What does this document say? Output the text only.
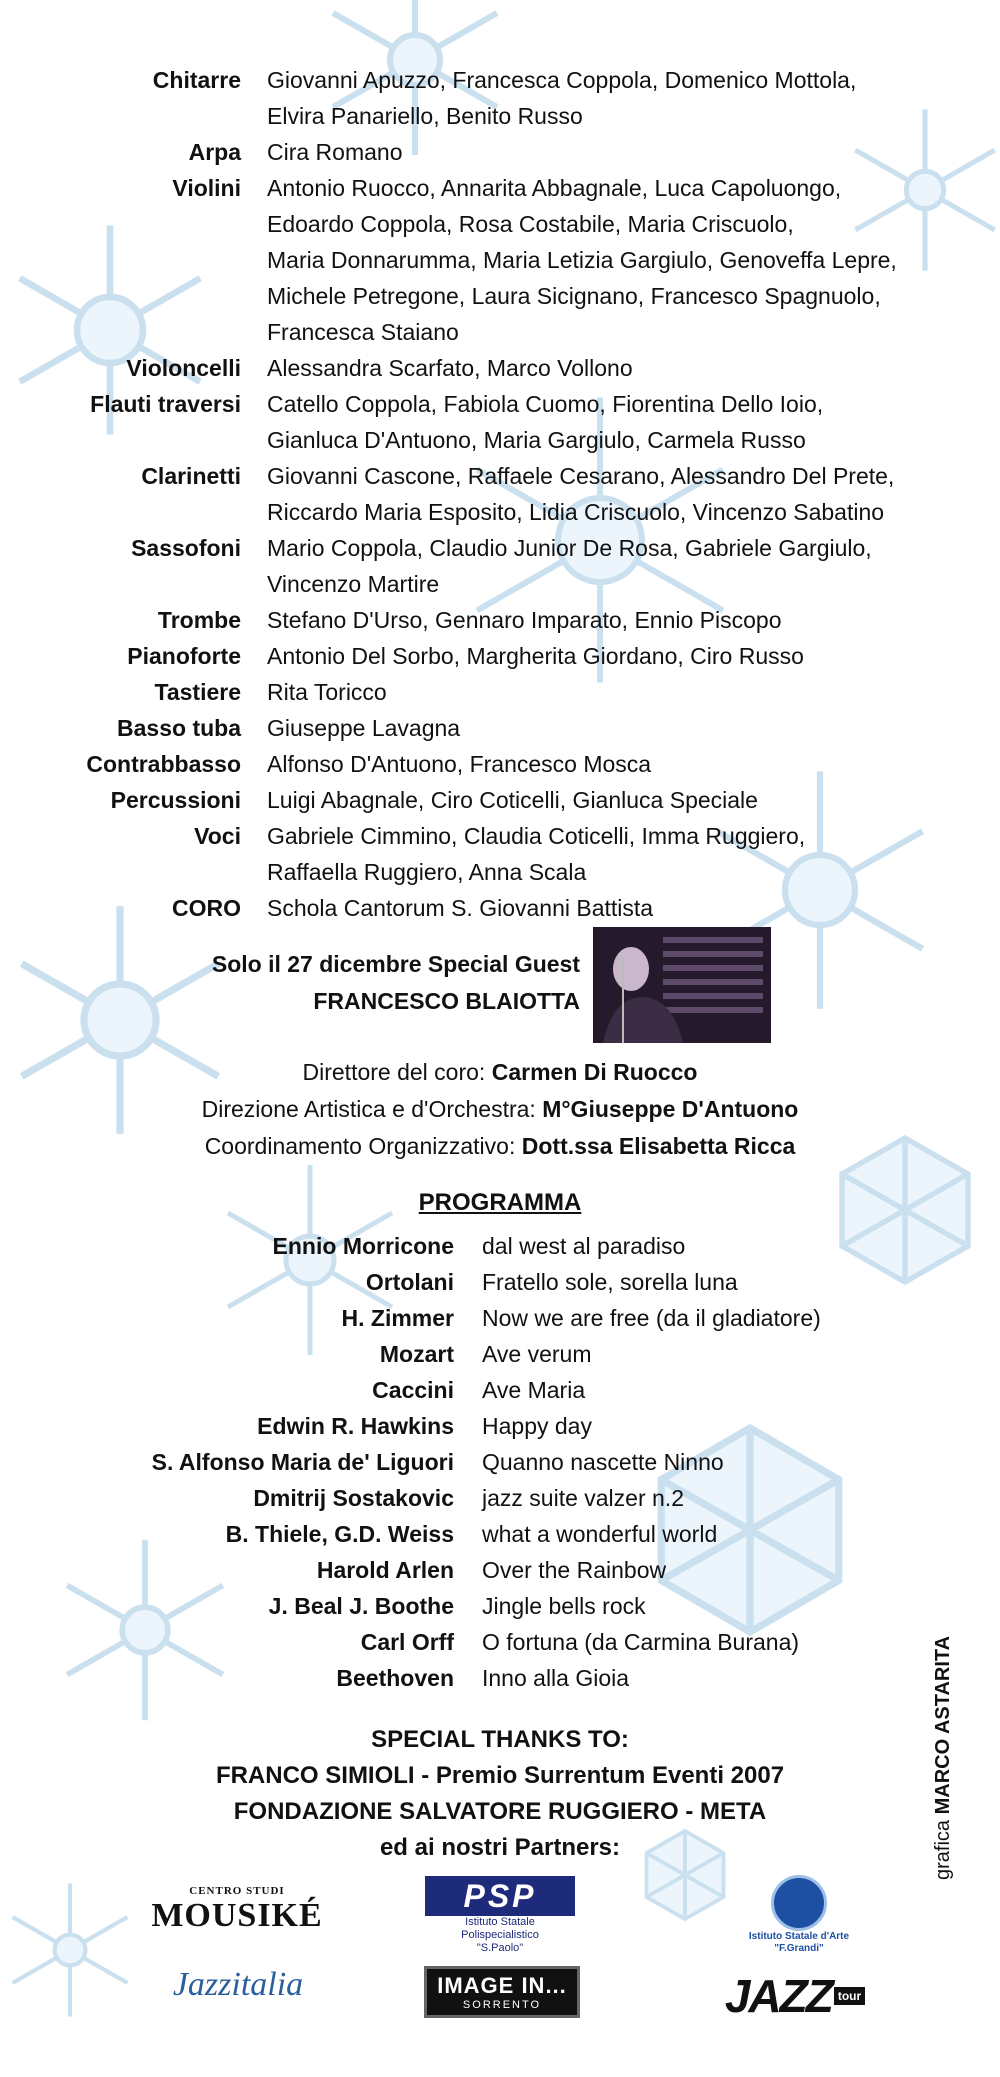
Chitarre	Giovanni Apuzzo, Francesca Coppola, Domenico Mottola,
Elvira Panariello, Benito Russo
Arpa	Cira Romano
Violini	Antonio Ruocco, Annarita Abbagnale, Luca Capoluongo,
Edoardo Coppola, Rosa Costabile, Maria Criscuolo,
Maria Donnarumma, Maria Letizia Gargiulo, Genoveffa Lepre,
Michele Petregone, Laura Sicignano, Francesco Spagnuolo,
Francesca Staiano
Violoncelli	Alessandra Scarfato, Marco Vollono
Flauti traversi	Catello Coppola, Fabiola Cuomo, Fiorentina Dello Ioio,
Gianluca D'Antuono, Maria Gargiulo, Carmela Russo
Clarinetti	Giovanni Cascone, Raffaele Cesarano, Alessandro Del Prete,
Riccardo Maria Esposito, Lidia Criscuolo, Vincenzo Sabatino
Sassofoni	Mario Coppola, Claudio Junior De Rosa, Gabriele Gargiulo,
Vincenzo Martire
Trombe	Stefano D'Urso, Gennaro Imparato, Ennio Piscopo
Pianoforte	Antonio Del Sorbo, Margherita Giordano, Ciro Russo
Tastiere	Rita Toricco
Basso tuba	Giuseppe Lavagna
Contrabbasso	Alfonso D'Antuono, Francesco Mosca
Percussioni	Luigi Abagnale, Ciro Coticelli, Gianluca Speciale
Voci	Gabriele Cimmino, Claudia Coticelli, Imma Ruggiero,
Raffaella Ruggiero, Anna Scala
CORO	Schola Cantorum S. Giovanni Battista
Solo il 27 dicembre Special Guest
FRANCESCO BLAIOTTA
Direttore del coro: Carmen Di Ruocco
Direzione Artistica e d'Orchestra: M°Giuseppe D'Antuono
Coordinamento Organizzativo: Dott.ssa Elisabetta Ricca
PROGRAMMA
Ennio Morricone	dal west al paradiso
Ortolani	Fratello sole, sorella luna
H. Zimmer	Now we are free (da il gladiatore)
Mozart	Ave verum
Caccini	Ave Maria
Edwin R. Hawkins	Happy day
S. Alfonso Maria de' Liguori	Quanno nascette Ninno
Dmitrij Sostakovic	jazz suite valzer n.2
B. Thiele, G.D. Weiss	what a wonderful world
Harold Arlen	Over the Rainbow
J. Beal J. Boothe	Jingle bells rock
Carl Orff	O fortuna (da Carmina Burana)
Beethoven	Inno alla Gioia
SPECIAL THANKS TO:
FRANCO SIMIOLI - Premio Surrentum Eventi 2007
FONDAZIONE SALVATORE RUGGIERO - META
ed ai nostri Partners:	grafica MARCO ASTARITA
CENTRO STUDI
MOUSIKÉ
Jazzitalia
PSP
Istituto Statale
Polispecialistico
"S.Paolo"
IMAGE IN...
SORRENTO
Istituto Statale d'Arte
"F.Grandi"
JAZZ tour
